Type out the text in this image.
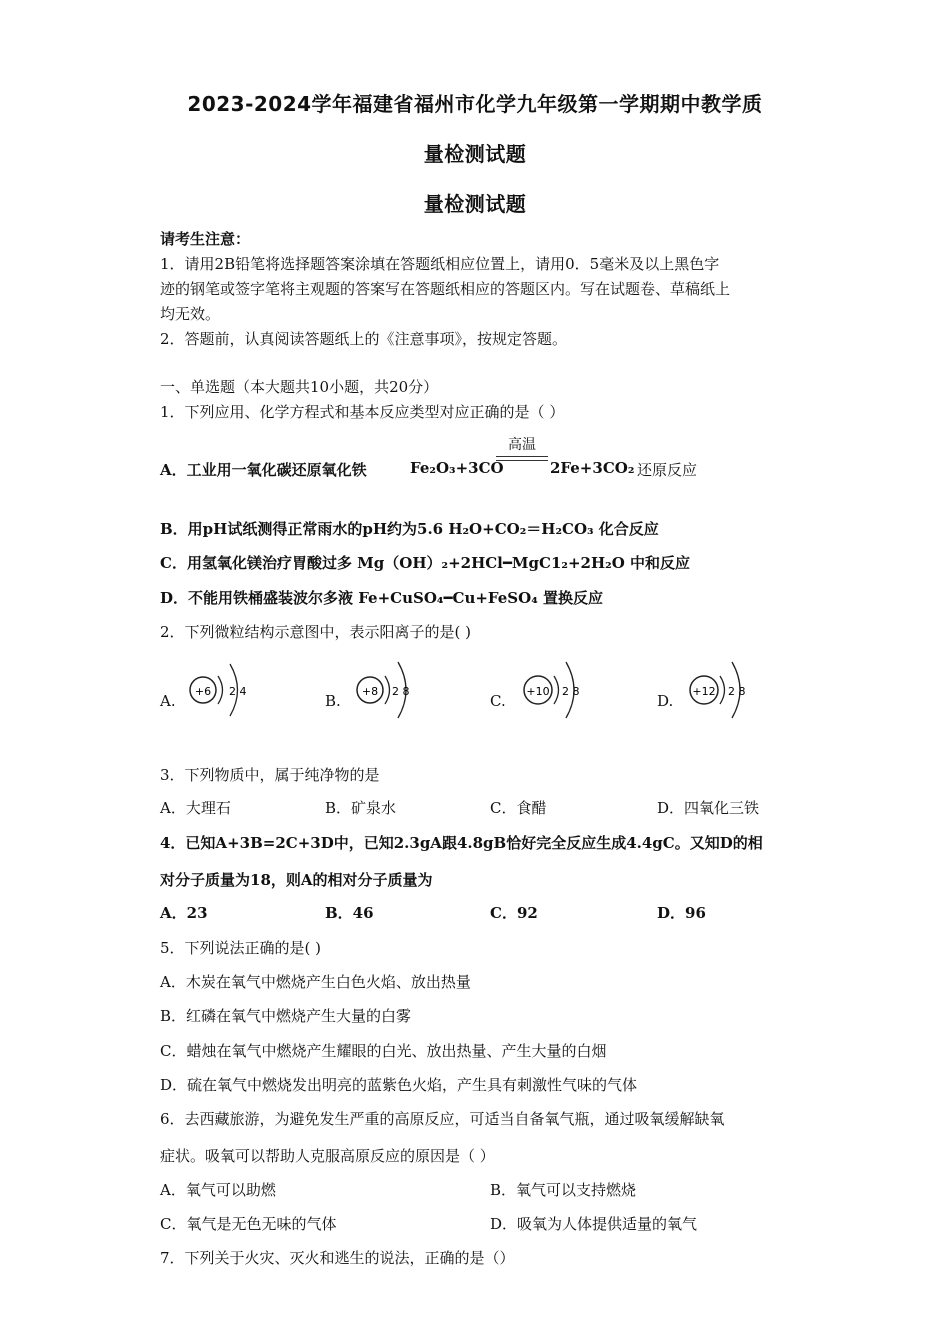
2023-2024学年福建省福州市化学九年级第一学期期中教学质
量检测试题
量检测试题
请考生注意：
1．请用2B铅笔将选择题答案涂填在答题纸相应位置上，请用0．5毫米及以上黑色字
迹的钢笔或签字笔将主观题的答案写在答题纸相应的答题区内。写在试题卷、草稿纸上
均无效。
2．答题前，认真阅读答题纸上的《注意事项》，按规定答题。
一、单选题（本大题共10小题，共20分）
1．下列应用、化学方程式和基本反应类型对应正确的是（ ）
A．工业用一氧化碳还原氧化铁	Fe₂O₃+3CO
高温
2Fe+3CO₂ 还原反应
B．用pH试纸测得正常雨水的pH约为5.6 H₂O+CO₂＝H₂CO₃ 化合反应
C．用氢氧化镁治疗胃酸过多 Mg（OH）₂+2HCl━MgC1₂+2H₂O 中和反应
D．不能用铁桶盛装波尔多液 Fe+CuSO₄━Cu+FeSO₄ 置换反应
2．下列微粒结构示意图中，表示阳离子的是( )
A.
+6 2 4
B.
+8 2 8
C.
+10 2 8
D.
+12 2 8
3．下列物质中，属于纯净物的是
A．大理石	B．矿泉水	C．食醋	D．四氧化三铁
4．已知A+3B=2C+3D中，已知2.3gA跟4.8gB恰好完全反应生成4.4gC。又知D的相
对分子质量为18，则A的相对分子质量为
A．23	B．46	C．92	D．96
5．下列说法正确的是( )
A．木炭在氧气中燃烧产生白色火焰、放出热量
B．红磷在氧气中燃烧产生大量的白雾
C．蜡烛在氧气中燃烧产生耀眼的白光、放出热量、产生大量的白烟
D．硫在氧气中燃烧发出明亮的蓝紫色火焰，产生具有刺激性气味的气体
6．去西藏旅游，为避免发生严重的高原反应，可适当自备氧气瓶，通过吸氧缓解缺氧
症状。吸氧可以帮助人克服高原反应的原因是（ ）
A．氧气可以助燃	B．氧气可以支持燃烧
C．氧气是无色无味的气体	D．吸氧为人体提供适量的氧气
7．下列关于火灾、灭火和逃生的说法，正确的是（）
